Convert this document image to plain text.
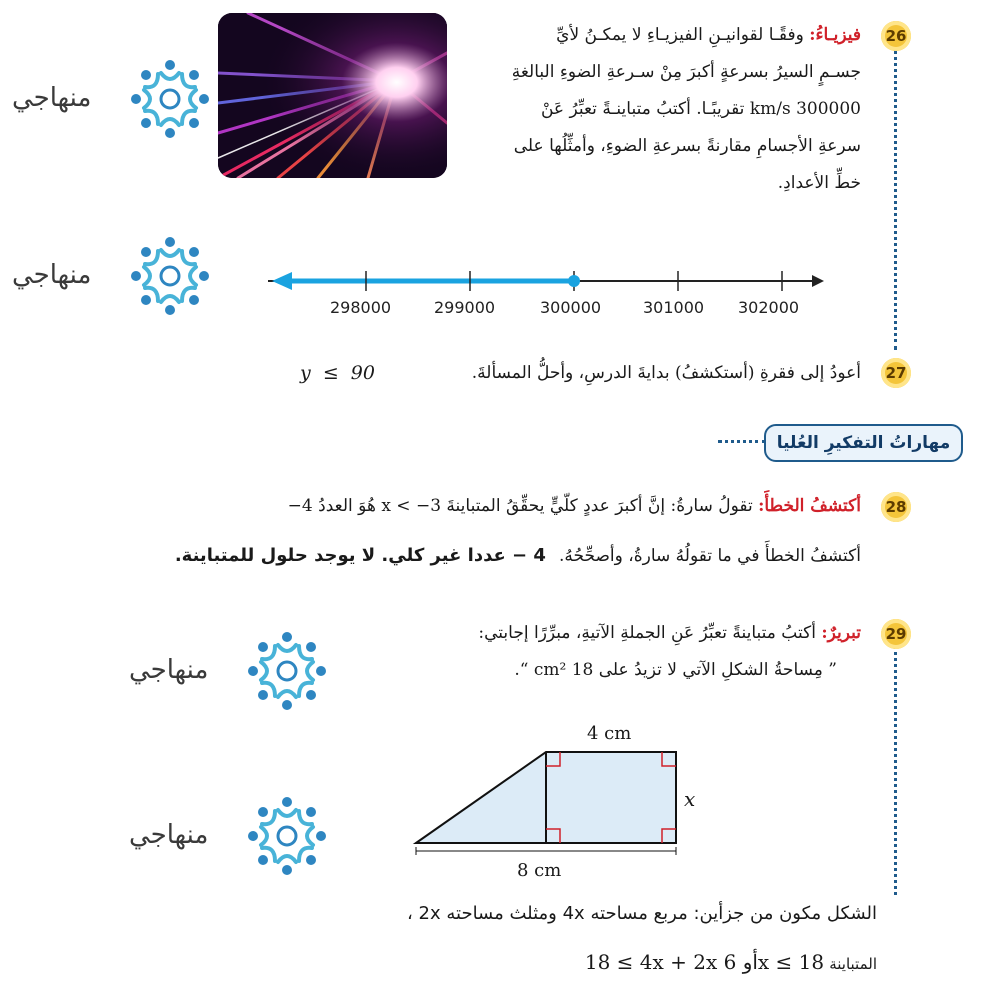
منهاجي
منهاجي
منهاجي
منهاجي
26
فيزيـاءُ: وفقًـا لقوانيـنِ الفيزيـاءِ لا يمكـنُ لأيِّ
جسـمٍ السيرُ بسرعةٍ أكبرَ مِنْ سـرعةِ الضوءِ البالغةِ
300000 km/s تقريبًـا. أكتبُ متباينـةً تعبِّرُ عَنْ
سرعةِ الأجسامِ مقارنةً بسرعةِ الضوءِ، وأمثِّلُها على
خطِّ الأعدادِ.
298000	299000	300000	301000 302000
27
أعودُ إلى فقرةِ (أستكشفُ) بدايةَ الدرسِ، وأحلُّ المسألةَ.
y  ≤  90
مهاراتُ التفكيرِ العُليا
28
أكتشفُ الخطأَ: تقولُ سارةُ: إنَّ أكبرَ عددٍ كلّيٍّ يحقِّقُ المتباينةَ 3− > x هُوَ العددُ 4−
أكتشفُ الخطأَ في ما تقولُهُ سارةُ، وأصحِّحُهُ. 4 − عددا غير كلي. لا يوجد حلول للمتباينة.
29
تبريرٌ: أكتبُ متباينةً تعبِّرُ عَنِ الجملةِ الآتيةِ، مبرِّرًا إجابتي:
” مِساحةُ الشكلِ الآتي لا تزيدُ على 18 cm² “.
4 cm
x
8 cm
الشكل مكون من جزأين: مربع مساحته 4x ومثلث مساحته 2x ،
المتباينة 18 ≤ 4x + 2x أو 6x ≤ 18
